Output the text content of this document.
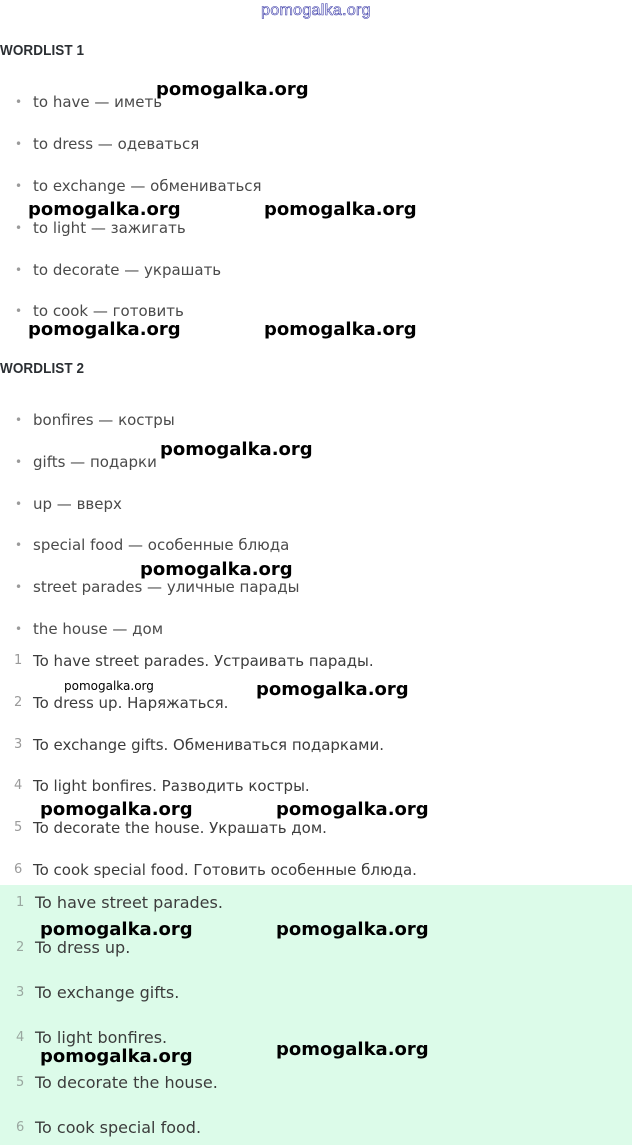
pomogalka.org
WORDLIST 1
• to have — иметь
• to dress — одеваться
• to exchange — обмениваться
• to light — зажигать
• to decorate — украшать
• to cook — готовить
WORDLIST 2
• bonfires — костры
• gifts — подарки
• up — вверх
• special food — особенные блюда
• street parades — уличные парады
• the house — дом
1 To have street parades. Устраивать парады.
2 To dress up. Наряжаться.
3 To exchange gifts. Обмениваться подарками.
4 To light bonfires. Разводить костры.
5 To decorate the house. Украшать дом.
6 To cook special food. Готовить особенные блюда.
1 To have street parades.
2 To dress up.
3 To exchange gifts.
4 To light bonfires.
5 To decorate the house.
6 To cook special food.
pomogalka.org
pomogalka.org	pomogalka.org
pomogalka.org	pomogalka.org
pomogalka.org
pomogalka.org
pomogalka.org	pomogalka.org
pomogalka.org	pomogalka.org
pomogalka.org	pomogalka.org
pomogalka.org	pomogalka.org
